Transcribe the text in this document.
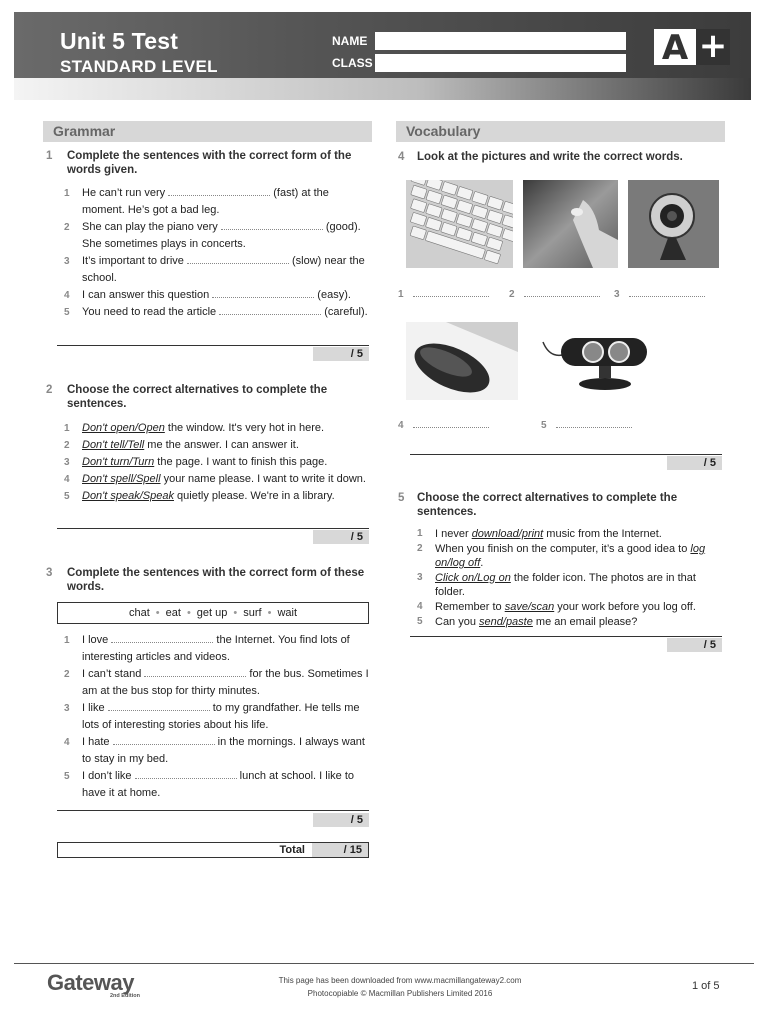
Unit 5 Test
STANDARD LEVEL
NAME
CLASS	A +
Grammar
1 Complete the sentences with the correct form of the words given.
1 He can’t run very	(fast) at the moment. He’s got a bad leg.
2 She can play the piano very	(good). She sometimes plays in concerts.
3 It’s important to drive	(slow) near the school.
4 I can answer this question	(easy).
5 You need to read the article	(careful).
/ 5
2 Choose the correct alternatives to complete the sentences.
1 Don't open/Open the window. It's very hot in here.
2 Don't tell/Tell me the answer. I can answer it.
3 Don't turn/Turn the page. I want to finish this page.
4 Don't spell/Spell your name please. I want to write it down.
5 Don't speak/Speak quietly please. We're in a library.
/ 5
3 Complete the sentences with the correct form of these words.
chat • eat • get up • surf • wait
1 I love	the Internet. You find lots of interesting articles and videos.
2 I can’t stand	for the bus. Sometimes I am at the bus stop for thirty minutes.
3 I like	to my grandfather. He tells me lots of interesting stories about his life.
4 I hate	in the mornings. I always want to stay in my bed.
5 I don’t like	lunch at school. I like to have it at home.
/ 5
Total	/ 15
Vocabulary
4 Look at the pictures and write the correct words.
1	2	3
4	5
/ 5
5 Choose the correct alternatives to complete the sentences.
1 I never download/print music from the Internet.
2 When you finish on the computer, it’s a good idea to log on/log off.
3 Click on/Log on the folder icon. The photos are in that folder.
4 Remember to save/scan your work before you log off.
5 Can you send/paste me an email please?
/ 5
Gateway
2nd Edition
This page has been downloaded from www.macmillangateway2.com
Photocopiable © Macmillan Publishers Limited 2016
1 of 5
